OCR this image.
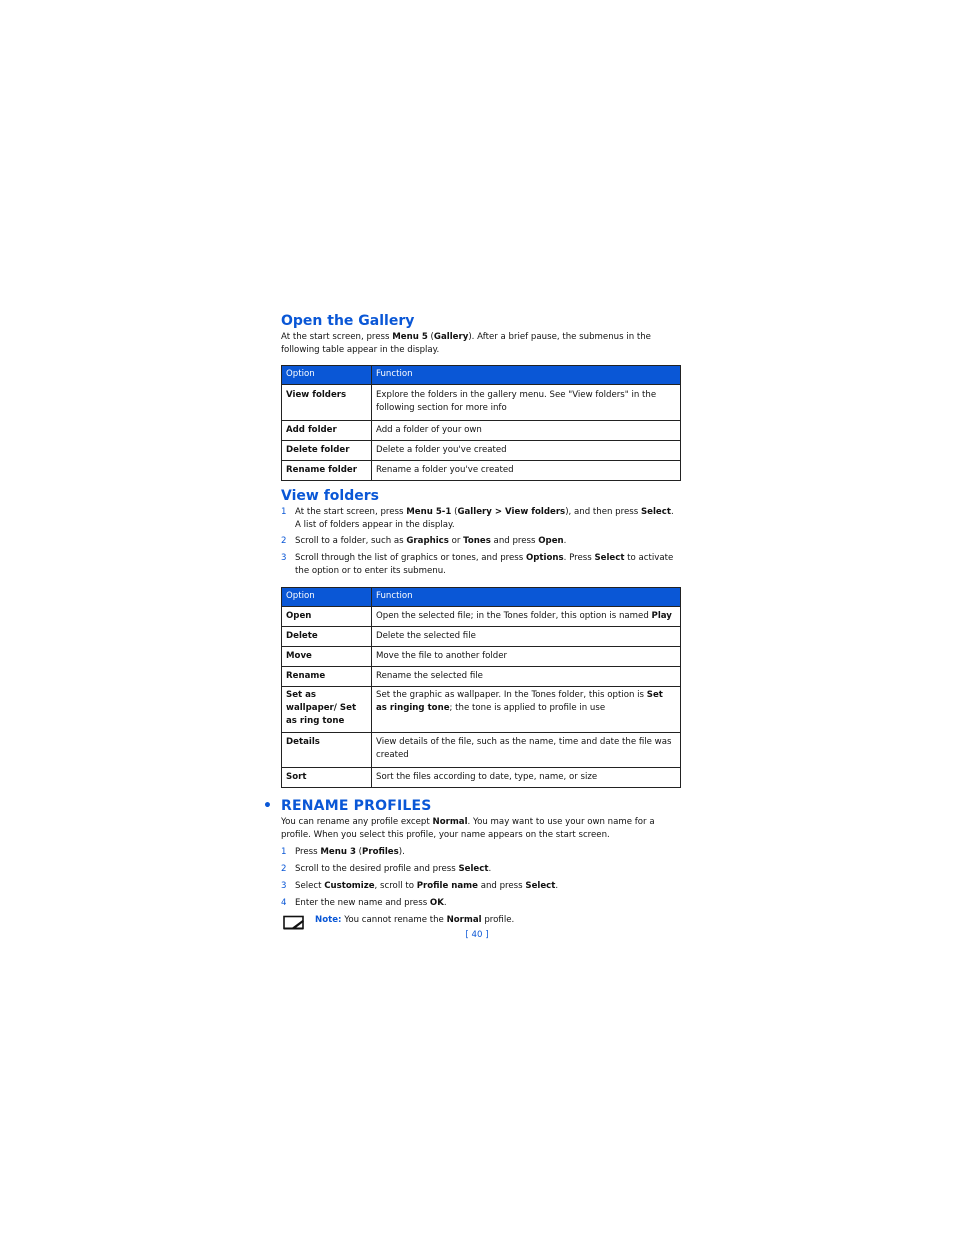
Open the Gallery

At the start screen, press Menu 5 (Gallery). After a brief pause, the submenus in the following table appear in the display.

Option	Function
View folders	Explore the folders in the gallery menu. See "View folders" in the following section for more info
Add folder	Add a folder of your own
Delete folder	Delete a folder you've created
Rename folder	Rename a folder you've created
View folders
1 At the start screen, press Menu 5-1 (Gallery > View folders), and then press Select. A list of folders appear in the display.
2 Scroll to a folder, such as Graphics or Tones and press Open.
3 Scroll through the list of graphics or tones, and press Options. Press Select to activate the option or to enter its submenu.
Option	Function
Open	Open the selected file; in the Tones folder, this option is named Play
Delete	Delete the selected file
Move	Move the file to another folder
Rename	Rename the selected file
Set as wallpaper/ Set as ring tone	Set the graphic as wallpaper. In the Tones folder, this option is Set as ringing tone; the tone is applied to profile in use
Details	View details of the file, such as the name, time and date the file was created
Sort	Sort the files according to date, type, name, or size
• RENAME PROFILES

You can rename any profile except Normal. You may want to use your own name for a profile. When you select this profile, your name appears on the start screen.

1 Press Menu 3 (Profiles).
2 Scroll to the desired profile and press Select.
3 Select Customize, scroll to Profile name and press Select.
4 Enter the new name and press OK.
Note: You cannot rename the Normal profile.
[ 40 ]
